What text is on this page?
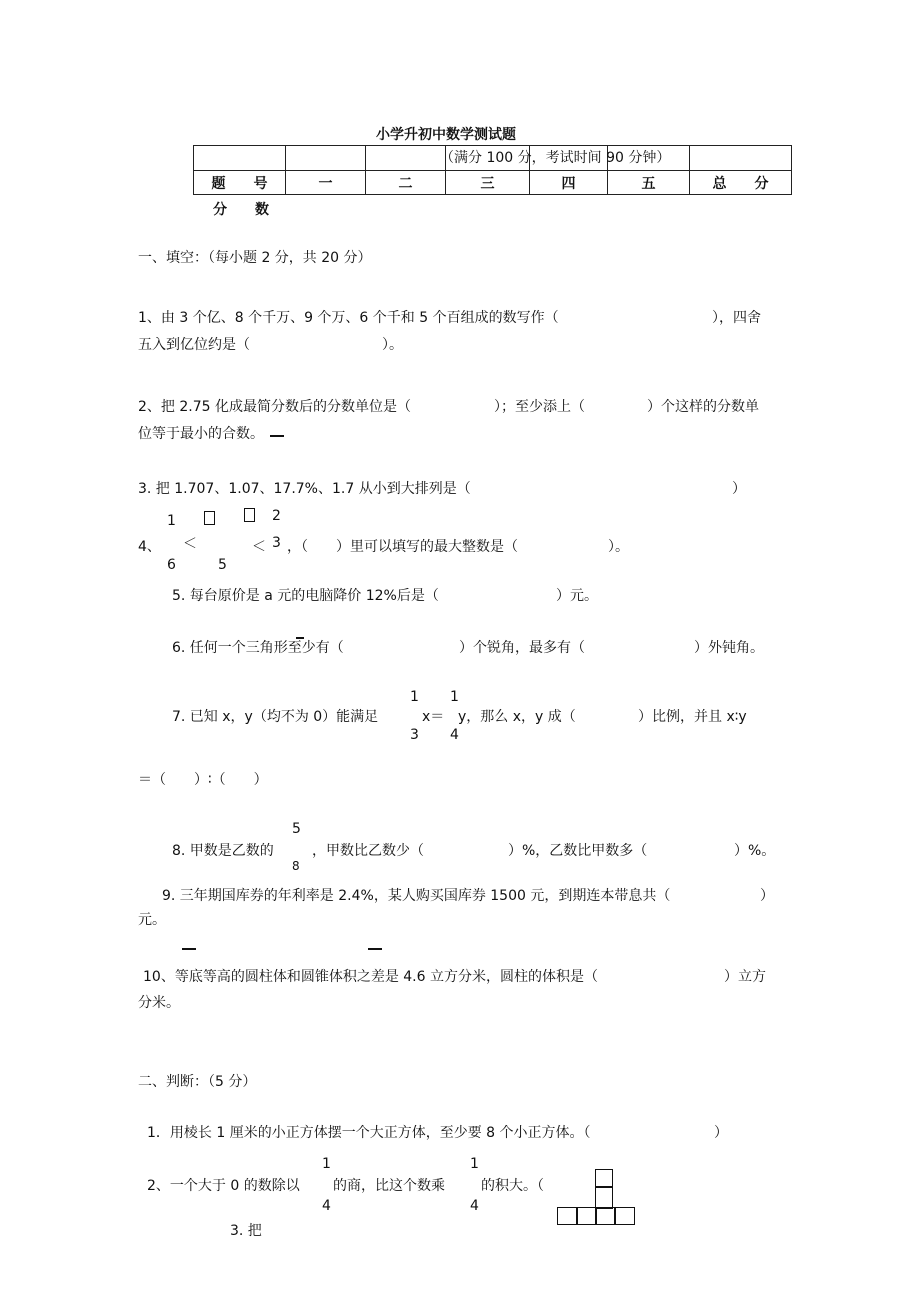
小学升初中数学测试题

题　　号	一	二	三	四	五	总　　分
（满分 100 分，考试时间 90 分钟）
分　　数
一、填空：（每小题 2 分，共 20 分）
1、由 3 个亿、8 个千万、9 个万、6 个千和 5 个百组成的数写作（	），四舍
五入到亿位约是（	）。
2、把 2.75 化成最简分数后的分数单位是（	）；至少添上（	）个这样的分数单
位等于最小的合数。
3. 把 1.707、1.07、17.7%、1.7 从小到大排列是（	）
1	2
4、 ＜	＜ 3 ，（　　）里可以填写的最大整数是（	）。
6	5
5. 每台原价是 a 元的电脑降价 12%后是（	）元。
6. 任何一个三角形至少有（	）个锐角，最多有（	）外钝角。
1 1
7. 已知 x，y（均不为 0）能满足	x＝ y，那么 x，y 成（	）比例，并且 x∶y
3 4
＝（　　）∶（　　）
5
8. 甲数是乙数的	，甲数比乙数少（	）%，乙数比甲数多（	）%。
8
9. 三年期国库券的年利率是 2.4%，某人购买国库券 1500 元，到期连本带息共（	）
元。
10、等底等高的圆柱体和圆锥体积之差是 4.6 立方分米，圆柱的体积是（	）立方
分米。
二、判断：（5 分）
1．用棱长 1 厘米的小正方体摆一个大正方体，至少要 8 个小正方体。（	）
1	1
2、一个大于 0 的数除以 的商，比这个数乘	的积大。（
4	4
3. 把
